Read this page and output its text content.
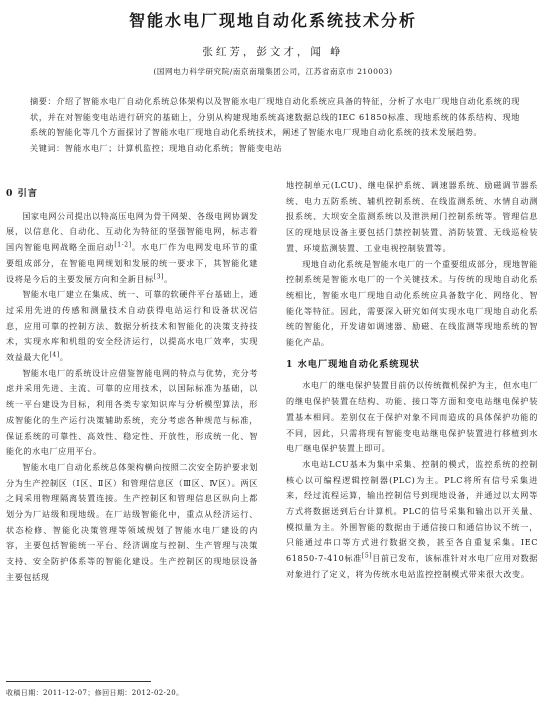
智能水电厂现地自动化系统技术分析
张红芳，彭文才，闻 峥
(国网电力科学研究院/南京南瑞集团公司，江苏省南京市 210003)

摘要：介绍了智能水电厂自动化系统总体架构以及智能水电厂现地自动化系统应具备的特征，分析了水电厂现地自动化系统的现状，并在对智能变电站进行研究的基础上，分别从构建现地系统高速数据总线的IEC 61850标准、现地系统的体系结构、现地系统的智能化等几个方面探讨了智能水电厂现地自动化系统技术，阐述了智能水电厂现地自动化系统的技术发展趋势。

关键词：智能水电厂；计算机监控；现地自动化系统；智能变电站

0 引言

国家电网公司提出以特高压电网为骨干网架、各级电网协调发展，以信息化、自动化、互动化为特征的坚强智能电网，标志着国内智能电网战略全面启动[1-2]。水电厂作为电网发电环节的重要组成部分，在智能电网规划和发展的统一要求下，其智能化建设将是今后的主要发展方向和全新目标[3]。

智能水电厂建立在集成、统一、可靠的软硬件平台基础上，通过采用先进的传感和测量技术自动获得电站运行和设备状况信息，应用可靠的控制方法、数据分析技术和智能化的决策支持技术，实现水库和机组的安全经济运行，以提高水电厂效率，实现效益最大化[4]。

智能水电厂的系统设计应借鉴智能电网的特点与优势，充分考虑并采用先进、主流、可靠的应用技术，以国际标准为基础，以统一平台建设为目标，利用各类专家知识库与分析模型算法，形成智能化的生产运行决策辅助系统，充分考虑各种规范与标准，保证系统的可靠性、高效性、稳定性、开放性，形成统一化、智能化的水电厂应用平台。

智能水电厂自动化系统总体架构横向按照二次安全防护要求划分为生产控制区（Ⅰ区、Ⅱ区）和管理信息区（Ⅲ区、Ⅳ区）。两区之间采用物理隔离装置连接。生产控制区和管理信息区纵向上都划分为厂站级和现地级。在厂站级智能化中，重点从经济运行、状态检修、智能化决策管理等领域规划了智能水电厂建设的内容，主要包括智能统一平台、经济调度与控制、生产管理与决策支持、安全防护体系等的智能化建设。生产控制区的现地层设备主要包括现

地控制单元(LCU)、继电保护系统、调速器系统、励磁调节器系统、电力五防系统、辅机控制系统、在线监测系统、水情自动测报系统、大坝安全监测系统以及泄洪闸门控制系统等。管理信息区的现地层设备主要包括门禁控制装置、消防装置、无线巡检装置、环境监测装置、工业电视控制装置等。

现地自动化系统是智能水电厂的一个重要组成部分，现地智能控制系统是智能水电厂的一个关键技术。与传统的现地自动化系统相比，智能水电厂现地自动化系统应具备数字化、网络化、智能化等特征。因此，需要深入研究如何实现水电厂现地自动化系统的智能化，开发诸如调速器、励磁、在线监测等现地系统的智能化产品。

1 水电厂现地自动化系统现状

水电厂的继电保护装置目前仍以传统微机保护为主，但水电厂的继电保护装置在结构、功能、接口等方面和变电站继电保护装置基本相同。差别仅在于保护对象不同而造成的具体保护功能的不同，因此，只需将现有智能变电站继电保护装置进行移植到水电厂继电保护装置上即可。

水电站LCU基本为集中采集、控制的模式，监控系统的控制核心以可编程逻辑控制器(PLC)为主。PLC将所有信号采集进来，经过流程运算，输出控制信号到现地设备，并通过以太网等方式将数据送到后台计算机。PLC的信号采集和输出以开关量、模拟量为主。外围智能的数据由于通信接口和通信协议不统一，只能通过串口等方式进行数据交换，甚至各自重复采集。IEC 61850-7-410标准[5]目前已发布，该标准针对水电厂应用对数据对象进行了定义，将为传统水电站监控控制模式带来很大改变。

收稿日期：2011-12-07；修回日期：2012-02-20。
